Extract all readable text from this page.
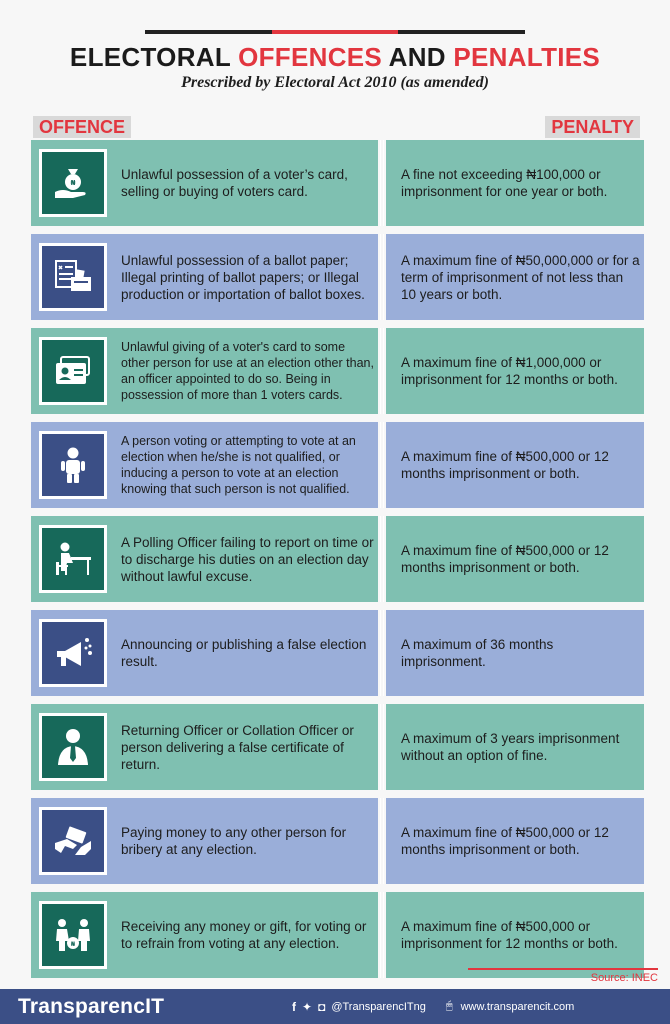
ELECTORAL OFFENCES AND PENALTIES
Prescribed by Electoral Act 2010 (as amended)
OFFENCE	PENALTY
₦
Unlawful possession of a voter’s card, selling or buying of voters card.
A fine not exceeding ₦100,000 or imprisonment for one year or both.
Unlawful possession of a ballot paper; Illegal printing of ballot papers; or Illegal production or importation of ballot boxes.
A maximum fine of ₦50,000,000 or for a term of imprisonment of not less than 10 years or both.
Unlawful giving of a voter's card to some other person for use at an election other than, an officer appointed to do so. Being in possession of more than 1 voters cards.
A maximum fine of ₦1,000,000 or imprisonment for 12 months or both.
A person voting or attempting to vote at an election when he/she is not qualified, or inducing a person to vote at an election knowing that such person is not qualified.
A maximum fine of ₦500,000 or 12 months imprisonment or both.
A Polling Officer failing to report on time or to discharge his duties on an election day without lawful excuse.
A maximum fine of ₦500,000 or 12 months imprisonment or both.
Announcing or publishing a false election result.
A maximum of 36 months imprisonment.
Returning Officer or Collation Officer or person delivering a false certificate of return.
A maximum of 3 years imprisonment without an option of fine.
Paying money to any other person for bribery at any election.
A maximum fine of ₦500,000 or 12 months imprisonment or both.
₦
Receiving any money or gift, for voting or to refrain from voting at any election.
A maximum fine of ₦500,000 or imprisonment for 12 months or both.
Source: INEC
TransparencIT	f ✦ ◘ @TransparencITng 🖱 www.transparencit.com
